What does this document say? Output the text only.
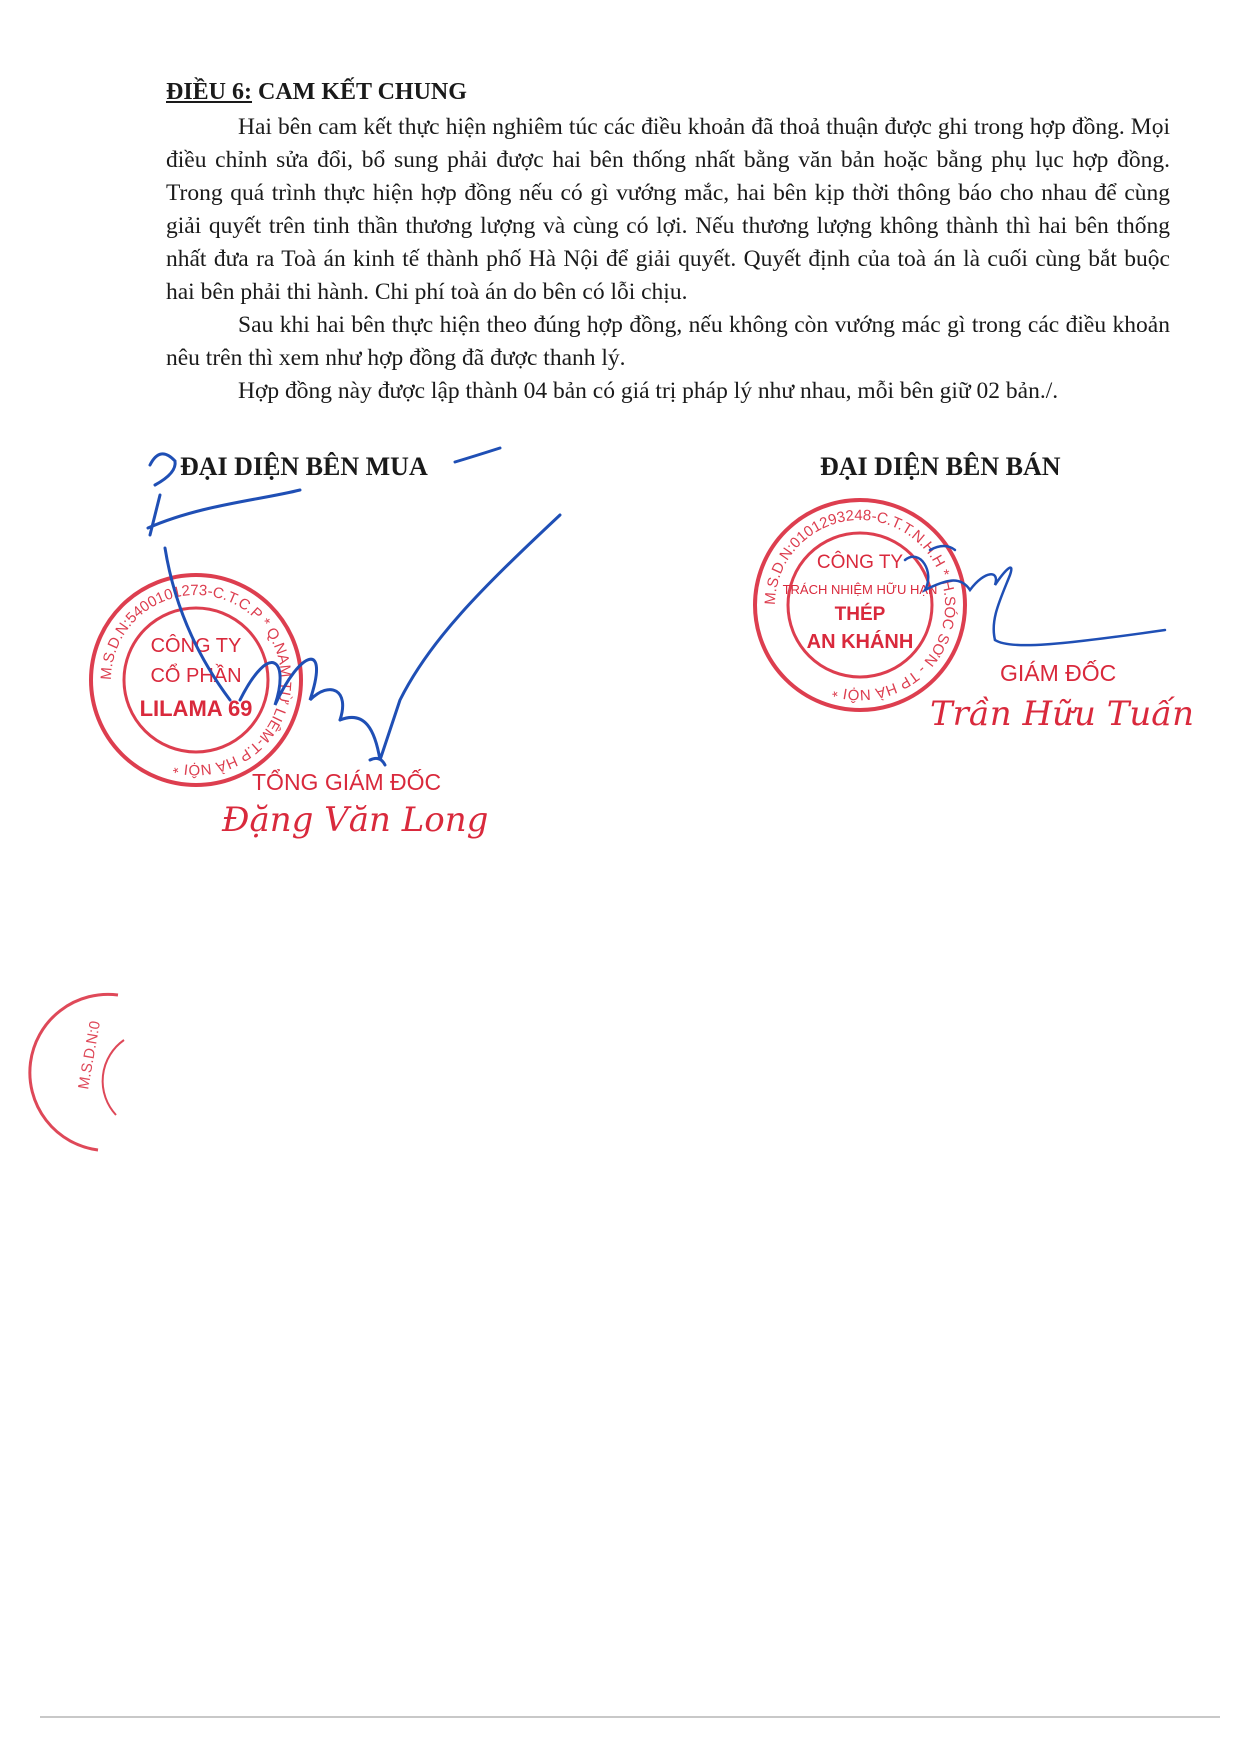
ĐIỀU 6: CAM KẾT CHUNG

Hai bên cam kết thực hiện nghiêm túc các điều khoản đã thoả thuận được ghi trong hợp đồng. Mọi điều chỉnh sửa đổi, bổ sung phải được hai bên thống nhất bằng văn bản hoặc bằng phụ lục hợp đồng. Trong quá trình thực hiện hợp đồng nếu có gì vướng mắc, hai bên kịp thời thông báo cho nhau để cùng giải quyết trên tinh thần thương lượng và cùng có lợi. Nếu thương lượng không thành thì hai bên thống nhất đưa ra Toà án kinh tế thành phố Hà Nội để giải quyết. Quyết định của toà án là cuối cùng bắt buộc hai bên phải thi hành. Chi phí toà án do bên có lỗi chịu.

Sau khi hai bên thực hiện theo đúng hợp đồng, nếu không còn vướng mác gì trong các điều khoản nêu trên thì xem như hợp đồng đã được thanh lý.

Hợp đồng này được lập thành 04 bản có giá trị pháp lý như nhau, mỗi bên giữ 02 bản./.

ĐẠI DIỆN BÊN MUA	ĐẠI DIỆN BÊN BÁN
M.S.D.N:5400101273-C.T.C.P * Q.NAM TỪ LIÊM-T.P HÀ NỘI *
CÔNG TY
CỔ PHẦN
LILAMA 69
M.S.D.N:0101293248-C.T.T.N.H.H * H.SÓC SƠN - TP HÀ NỘI *
CÔNG TY
TRÁCH NHIỆM HỮU HẠN
THÉP
AN KHÁNH
M.S.D.N:0
TỔNG GIÁM ĐỐC
Đặng Văn Long
GIÁM ĐỐC
Trần Hữu Tuấn
